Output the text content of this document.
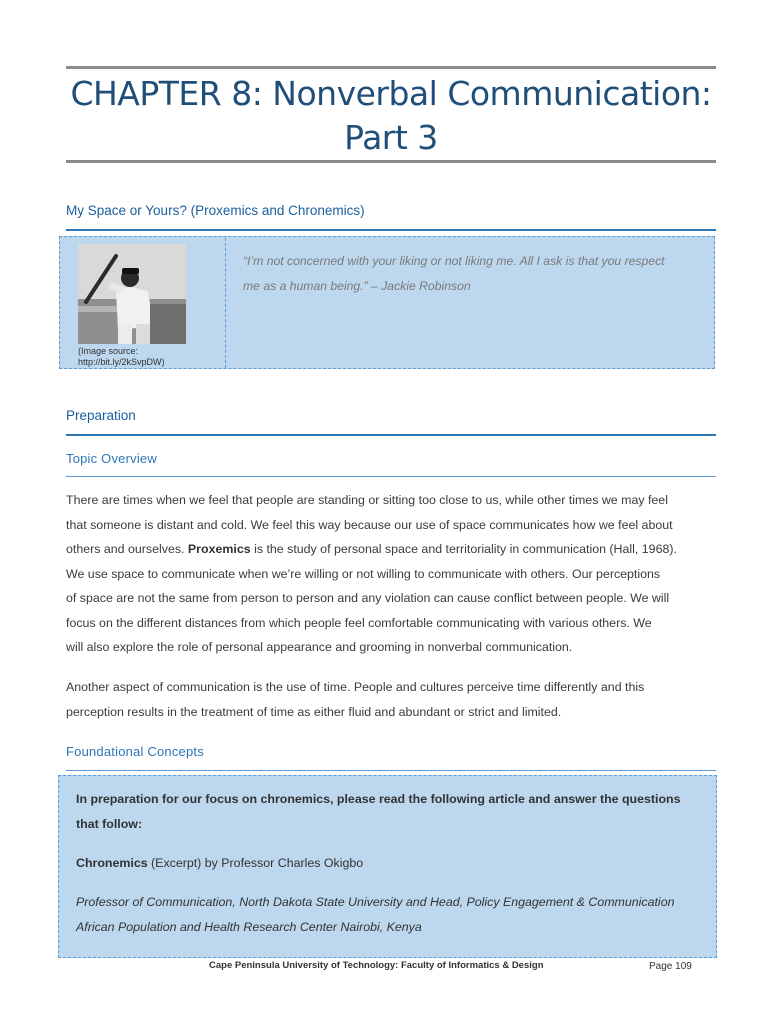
CHAPTER 8: Nonverbal Communication:
Part 3
My Space or Yours? (Proxemics and Chronemics)
(Image source:
http://bit.ly/2kSvpDW)
“I’m not concerned with your liking or not liking me. All I ask is that you respect
me as a human being.” – Jackie Robinson
Preparation
Topic Overview
There are times when we feel that people are standing or sitting too close to us, while other times we may feel
that someone is distant and cold. We feel this way because our use of space communicates how we feel about
others and ourselves. Proxemics is the study of personal space and territoriality in communication (Hall, 1968).
We use space to communicate when we’re willing or not willing to communicate with others. Our perceptions
of space are not the same from person to person and any violation can cause conflict between people. We will
focus on the different distances from which people feel comfortable communicating with various others. We
will also explore the role of personal appearance and grooming in nonverbal communication.
Another aspect of communication is the use of time. People and cultures perceive time differently and this
perception results in the treatment of time as either fluid and abundant or strict and limited.
Foundational Concepts
In preparation for our focus on chronemics, please read the following article and answer the questions
that follow:
Chronemics (Excerpt) by Professor Charles Okigbo
Professor of Communication, North Dakota State University and Head, Policy Engagement & Communication
African Population and Health Research Center Nairobi, Kenya
Cape Peninsula University of Technology: Faculty of Informatics & Design	Page 109
